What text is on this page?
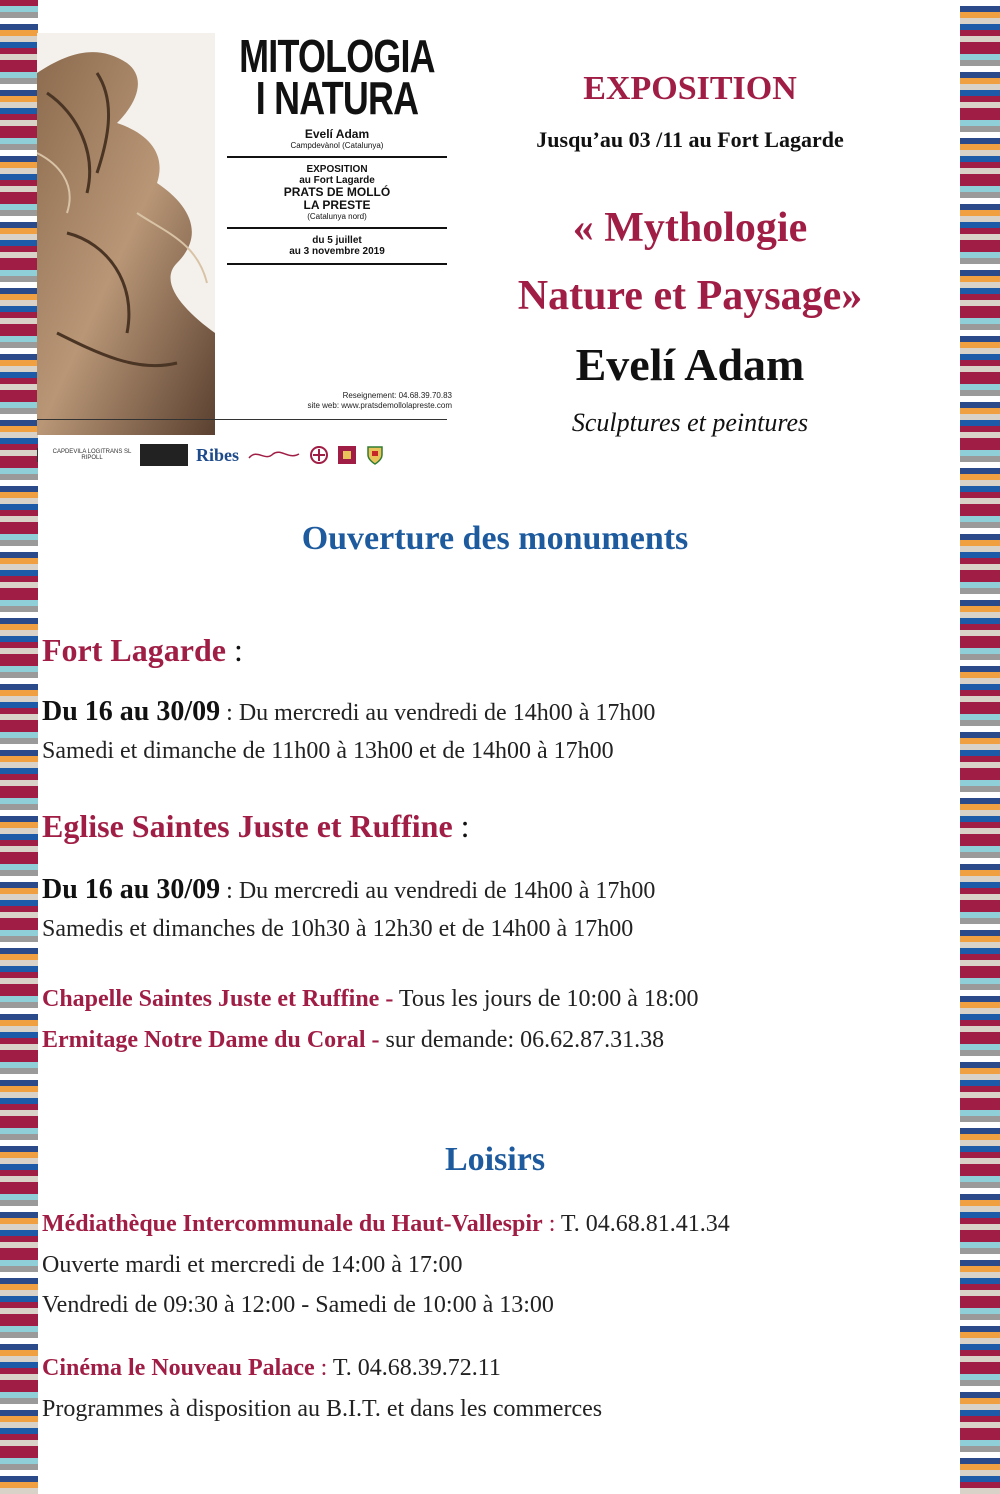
MITOLOGIA
I NATURA
Evelí Adam
Campdevànol (Catalunya)
EXPOSITION
au Fort Lagarde
PRATS DE MOLLÓ
LA PRESTE
(Catalunya nord)
du 5 juillet
au 3 novembre 2019
Reseignement: 04.68.39.70.83
site web: www.pratsdemollolapreste.com
CAPDEVILA LOGITRANS SL
RIPOLL	Ribes
EXPOSITION
Jusqu’au 03 /11 au Fort Lagarde
« Mythologie
Nature et Paysage»
Evelí Adam
Sculptures et peintures
Ouverture des monuments
Fort Lagarde :
Du 16 au 30/09 : Du mercredi au vendredi de 14h00 à 17h00
Samedi et dimanche de 11h00 à 13h00 et de 14h00 à 17h00
Eglise Saintes Juste et Ruffine :
Du 16 au 30/09 : Du mercredi au vendredi de 14h00 à 17h00
Samedis et dimanches de 10h30 à 12h30 et de 14h00 à 17h00
Chapelle Saintes Juste et Ruffine - Tous les jours de 10:00 à 18:00
Ermitage Notre Dame du Coral - sur demande: 06.62.87.31.38
Loisirs
Médiathèque Intercommunale du Haut-Vallespir : T. 04.68.81.41.34
Ouverte mardi et mercredi de 14:00 à 17:00
Vendredi de 09:30 à 12:00 - Samedi de 10:00 à 13:00
Cinéma le Nouveau Palace : T. 04.68.39.72.11
Programmes à disposition au B.I.T. et dans les commerces
